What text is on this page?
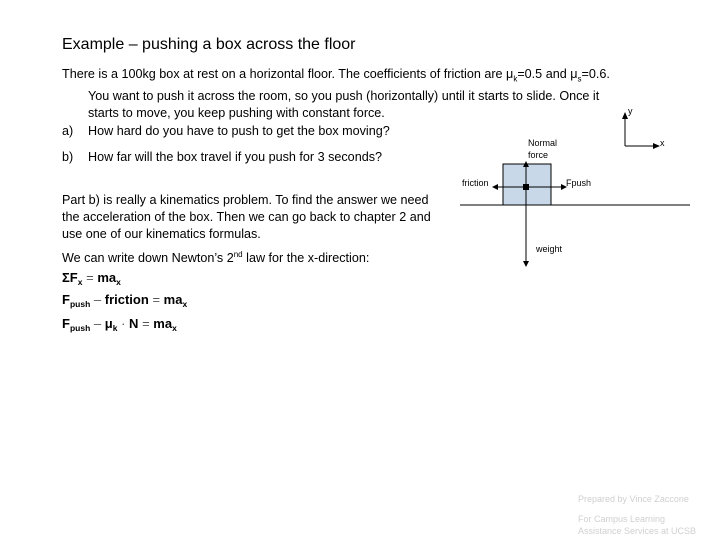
Example – pushing a box across the floor

There is a 100kg box at rest on a horizontal floor. The coefficients of friction are $\mu_k=0.5$ and $\mu_s=0.6$.

You want to push it across the room, so you push (horizontally) until it starts to slide. Once it

starts to move, you keep pushing with constant force.

a) How hard do you have to push to get the box moving?
b) How far will the box travel if you push for 3 seconds?
Part b) is really a kinematics problem. To find the answer we need the acceleration of the box. Then we can go back to chapter 2 and use one of our kinematics formulas.
We can write down Newton’s 2nd law for the x-direction:
$\Sigma F_x = ma_x$
$F_{push}$ – friction = $ma_x$
$F_{push} - \mu_k \cdot N = ma_x$
y
x
Normal
force
friction	Fpush
weight
Prepared by Vince Zaccone
For Campus Learning
Assistance Services at UCSB
